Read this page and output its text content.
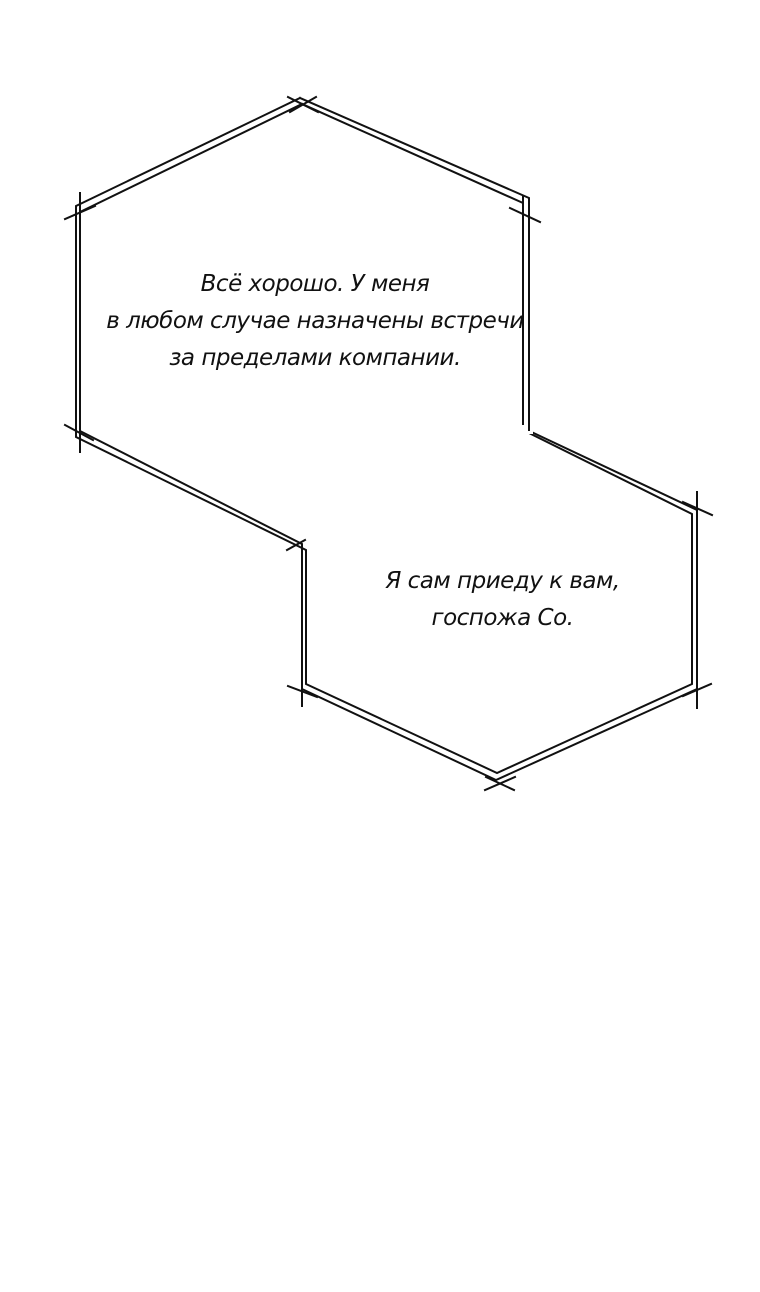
Всё хорошо. У меня
в любом случае назначены встречи
за пределами компании.
Я сам приеду к вам,
госпожа Со.
